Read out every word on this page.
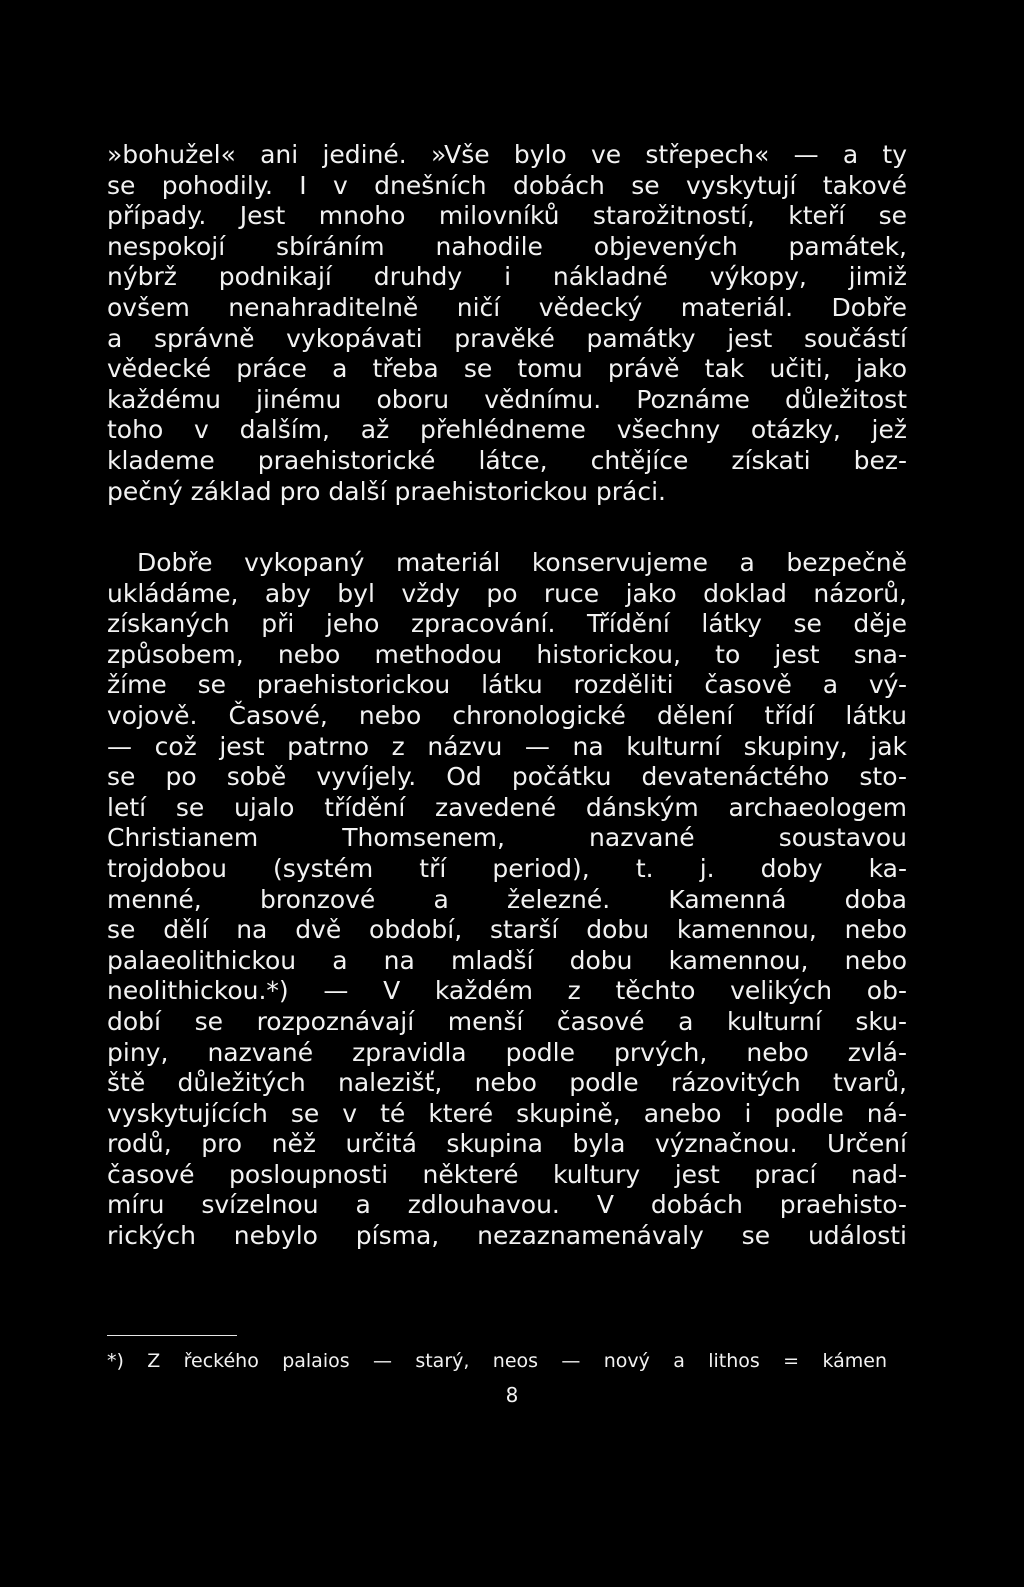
»bohužel« ani jediné. »Vše bylo ve střepech« — a ty
se pohodily. I v dnešních dobách se vyskytují takové
případy. Jest mnoho milovníků starožitností, kteří se
nespokojí sbíráním nahodile objevených památek,
nýbrž podnikají druhdy i nákladné výkopy, jimiž
ovšem nenahraditelně ničí vědecký materiál. Dobře
a správně vykopávati pravěké památky jest součástí
vědecké práce a třeba se tomu právě tak učiti, jako
každému jinému oboru vědnímu. Poznáme důležitost
toho v dalším, až přehlédneme všechny otázky, jež
klademe praehistorické látce, chtějíce získati bez-
pečný základ pro další praehistorickou práci.
Dobře vykopaný materiál konservujeme a bezpečně
ukládáme, aby byl vždy po ruce jako doklad názorů,
získaných při jeho zpracování. Třídění látky se děje
způsobem, nebo methodou historickou, to jest sna-
žíme se praehistorickou látku rozděliti časově a vý-
vojově. Časové, nebo chronologické dělení třídí látku
— což jest patrno z názvu — na kulturní skupiny, jak
se po sobě vyvíjely. Od počátku devatenáctého sto-
letí se ujalo třídění zavedené dánským archaeologem
Christianem Thomsenem, nazvané soustavou
trojdobou (systém tří period), t. j. doby ka-
menné, bronzové a železné. Kamenná doba
se dělí na dvě období, starší dobu kamennou, nebo
palaeolithickou a na mladší dobu kamennou, nebo
neolithickou.*) — V každém z těchto velikých ob-
dobí se rozpoznávají menší časové a kulturní sku-
piny, nazvané zpravidla podle prvých, nebo zvlá-
ště důležitých nalezišť, nebo podle rázovitých tvarů,
vyskytujících se v té které skupině, anebo i podle ná-
rodů, pro něž určitá skupina byla význačnou. Určení
časové posloupnosti některé kultury jest prací nad-
míru svízelnou a zdlouhavou. V dobách praehisto-
rických nebylo písma, nezaznamenávaly se události
*) Z řeckého palaios — starý, neos — nový a lithos = kámen
8
